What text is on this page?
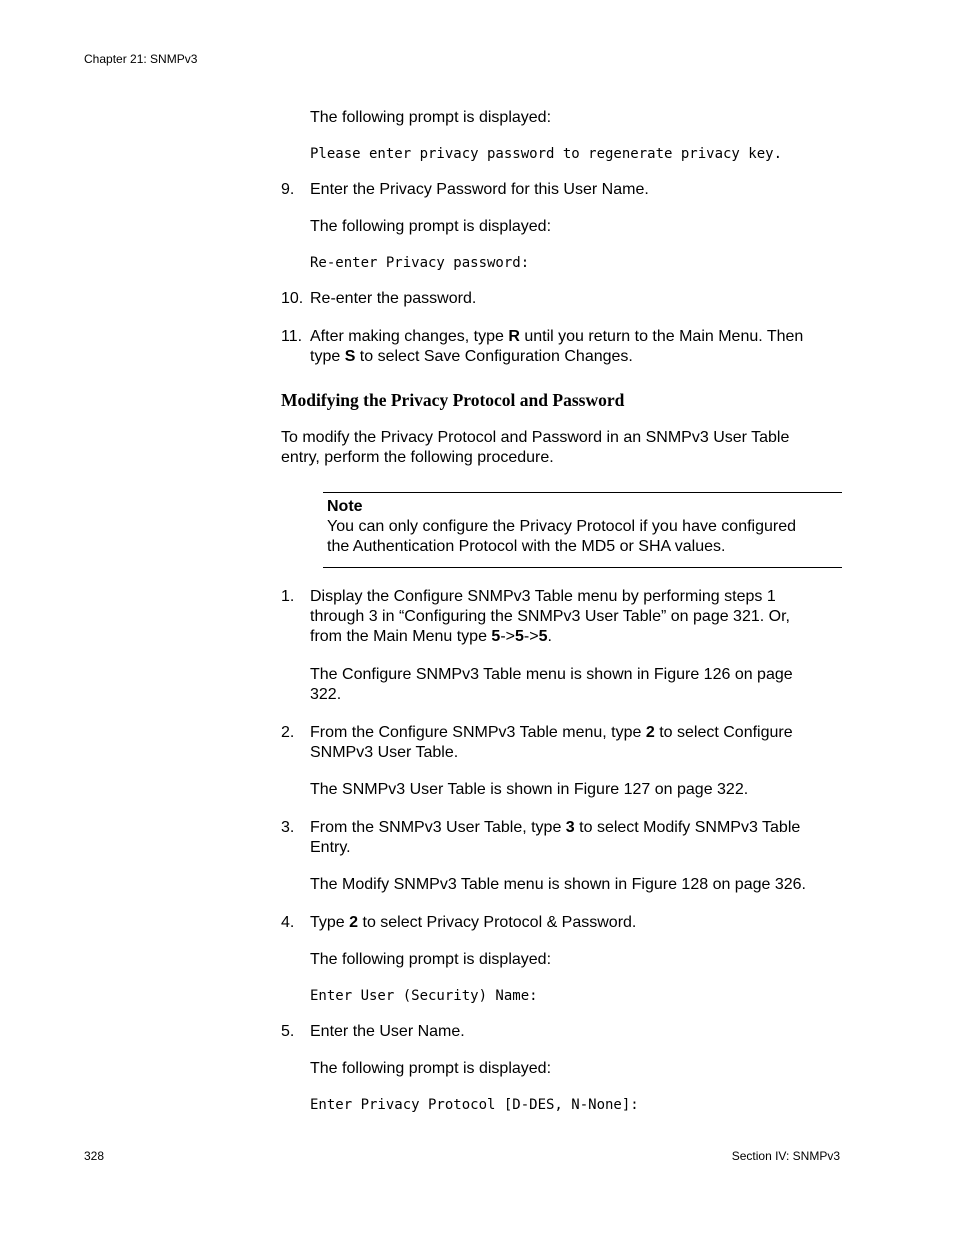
Chapter 21: SNMPv3
The following prompt is displayed:
Please enter privacy password to regenerate privacy key.
9. Enter the Privacy Password for this User Name.
The following prompt is displayed:
Re-enter Privacy password:
10. Re-enter the password.
11. After making changes, type R until you return to the Main Menu. Then
type S to select Save Configuration Changes.
Modifying the Privacy Protocol and Password
To modify the Privacy Protocol and Password in an SNMPv3 User Table
entry, perform the following procedure.
Note
You can only configure the Privacy Protocol if you have configured
the Authentication Protocol with the MD5 or SHA values.
1. Display the Configure SNMPv3 Table menu by performing steps 1
through 3 in “Configuring the SNMPv3 User Table” on page 321. Or,
from the Main Menu type 5->5->5.
The Configure SNMPv3 Table menu is shown in Figure 126 on page
322.
2. From the Configure SNMPv3 Table menu, type 2 to select Configure
SNMPv3 User Table.
The SNMPv3 User Table is shown in Figure 127 on page 322.
3. From the SNMPv3 User Table, type 3 to select Modify SNMPv3 Table
Entry.
The Modify SNMPv3 Table menu is shown in Figure 128 on page 326.
4. Type 2 to select Privacy Protocol & Password.
The following prompt is displayed:
Enter User (Security) Name:
5. Enter the User Name.
The following prompt is displayed:
Enter Privacy Protocol [D-DES, N-None]:
328	Section IV: SNMPv3
